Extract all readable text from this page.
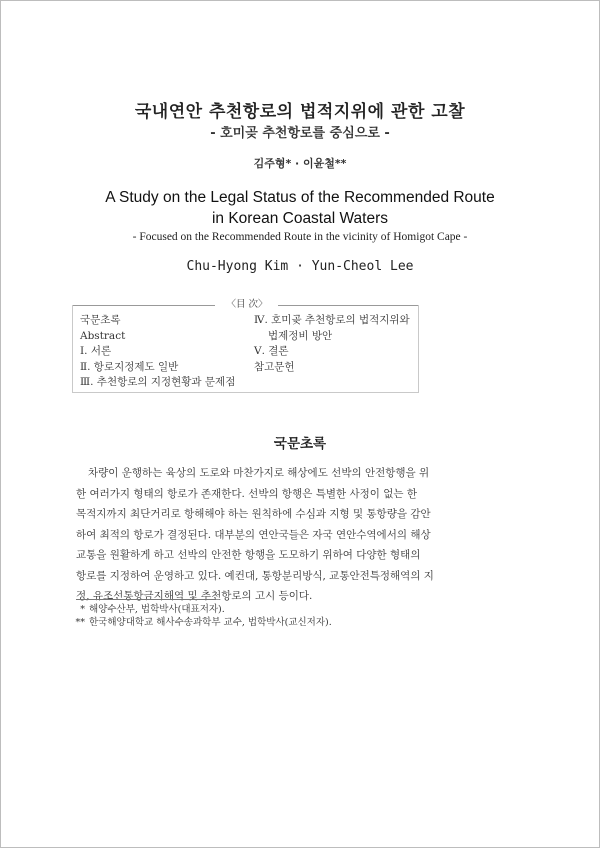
국내연안 추천항로의 법적지위에 관한 고찰
- 호미곶 추천항로를 중심으로 -
김주형* · 이윤철**
A Study on the Legal Status of the Recommended Route
in Korean Coastal Waters
- Focused on the Recommended Route in the vicinity of Homigot Cape -
Chu-Hyong Kim · Yun-Cheol Lee
〈目 次〉
국문초록
Abstract
Ⅰ. 서론
Ⅱ. 항로지정제도 일반
Ⅲ. 추천항로의 지정현황과 문제점
Ⅳ. 호미곶 추천항로의 법적지위와
법제정비 방안
Ⅴ. 결론
참고문헌
국문초록
차량이 운행하는 육상의 도로와 마찬가지로 해상에도 선박의 안전항행을 위
한 여러가지 형태의 항로가 존재한다. 선박의 항행은 특별한 사정이 없는 한
목적지까지 최단거리로 항해해야 하는 원칙하에 수심과 지형 및 통항량을 감안
하여 최적의 항로가 결정된다. 대부분의 연안국들은 자국 연안수역에서의 해상
교통을 원활하게 하고 선박의 안전한 항행을 도모하기 위하여 다양한 형태의
항로를 지정하여 운영하고 있다. 예컨대, 통항분리방식, 교통안전특정해역의 지
정, 유조선통항금지해역 및 추천항로의 고시 등이다.
* 해양수산부, 법학박사(대표저자).
** 한국해양대학교 해사수송과학부 교수, 법학박사(교신저자).
